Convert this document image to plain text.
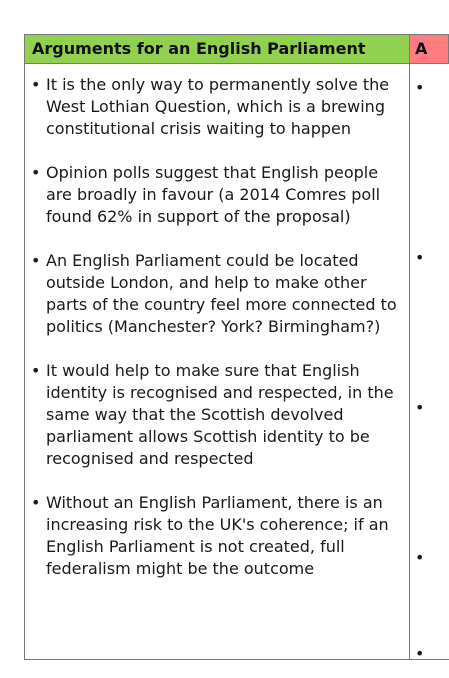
Arguments for an English Parliament	A
• It is the only way to permanently solve the West Lothian Question, which is a brewing constitutional crisis waiting to happen
• Opinion polls suggest that English people are broadly in favour (a 2014 Comres poll found 62% in support of the proposal)
• An English Parliament could be located outside London, and help to make other parts of the country feel more connected to politics (Manchester? York? Birmingham?)
• It would help to make sure that English identity is recognised and respected, in the same way that the Scottish devolved parliament allows Scottish identity to be recognised and respected
• Without an English Parliament, there is an increasing risk to the UK's coherence; if an English Parliament is not created, full federalism might be the outcome
•
•
•
•
•
